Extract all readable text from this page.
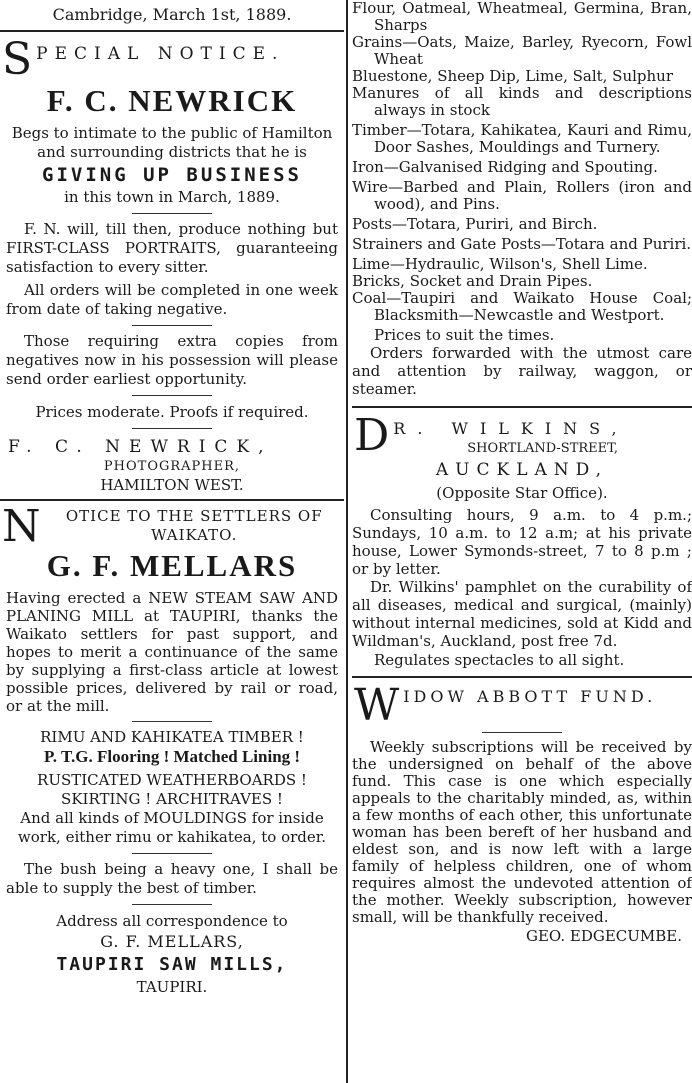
Cambridge, March 1st, 1889.

S PECIAL NOTICE.

F. C. NEWRICK

Begs to intimate to the public of Hamilton and surrounding districts that he is

GIVING UP BUSINESS

in this town in March, 1889.

F. N. will, till then, produce nothing but FIRST-CLASS PORTRAITS, guaranteeing satisfaction to every sitter.

All orders will be completed in one week from date of taking negative.

Those requiring extra copies from negatives now in his possession will please send order earliest opportunity.

Prices moderate. Proofs if required.

F. C. NEWRICK,

PHOTOGRAPHER,

HAMILTON WEST.

N	OTICE TO THE SETTLERS OF WAIKATO.

G. F. MELLARS

Having erected a NEW STEAM SAW AND PLANING MILL at TAUPIRI, thanks the Waikato settlers for past support, and hopes to merit a continuance of the same by supplying a first-class article at lowest possible prices, delivered by rail or road, or at the mill.

RIMU AND KAHIKATEA TIMBER !

P. T.G. Flooring ! Matched Lining !

RUSTICATED WEATHERBOARDS ! SKIRTING ! ARCHITRAVES !

And all kinds of MOULDINGS for inside work, either rimu or kahikatea, to order.

The bush being a heavy one, I shall be able to supply the best of timber.

Address all correspondence to

G. F. MELLARS,

TAUPIRI SAW MILLS,

TAUPIRI.

Flour, Oatmeal, Wheatmeal, Germina, Bran, Sharps
Grains—Oats, Maize, Barley, Ryecorn, Fowl Wheat
Bluestone, Sheep Dip, Lime, Salt, Sulphur
Manures of all kinds and descriptions always in stock
Timber—Totara, Kahikatea, Kauri and Rimu, Door Sashes, Mouldings and Turnery.
Iron—Galvanised Ridging and Spouting.
Wire—Barbed and Plain, Rollers (iron and wood), and Pins.
Posts—Totara, Puriri, and Birch.
Strainers and Gate Posts—Totara and Puriri.
Lime—Hydraulic, Wilson's, Shell Lime.
Bricks, Socket and Drain Pipes.
Coal—Taupiri and Waikato House Coal; Blacksmith—Newcastle and Westport.

Prices to suit the times.

Orders forwarded with the utmost care and attention by railway, waggon, or steamer.

D R. WILKINS,

SHORTLAND-STREET,

AUCKLAND,

(Opposite Star Office).

Consulting hours, 9 a.m. to 4 p.m.; Sundays, 10 a.m. to 12 a.m; at his private house, Lower Symonds-street, 7 to 8 p.m ; or by letter.

Dr. Wilkins' pamphlet on the curability of all diseases, medical and surgical, (mainly) without internal medicines, sold at Kidd and Wildman's, Auckland, post free 7d.

Regulates spectacles to all sight.

W IDOW ABBOTT FUND.

Weekly subscriptions will be received by the undersigned on behalf of the above fund. This case is one which especially appeals to the charitably minded, as, within a few months of each other, this unfortunate woman has been bereft of her husband and eldest son, and is now left with a large family of helpless children, one of whom requires almost the undevoted attention of the mother. Weekly subscription, however small, will be thankfully received.

GEO. EDGECUMBE.
